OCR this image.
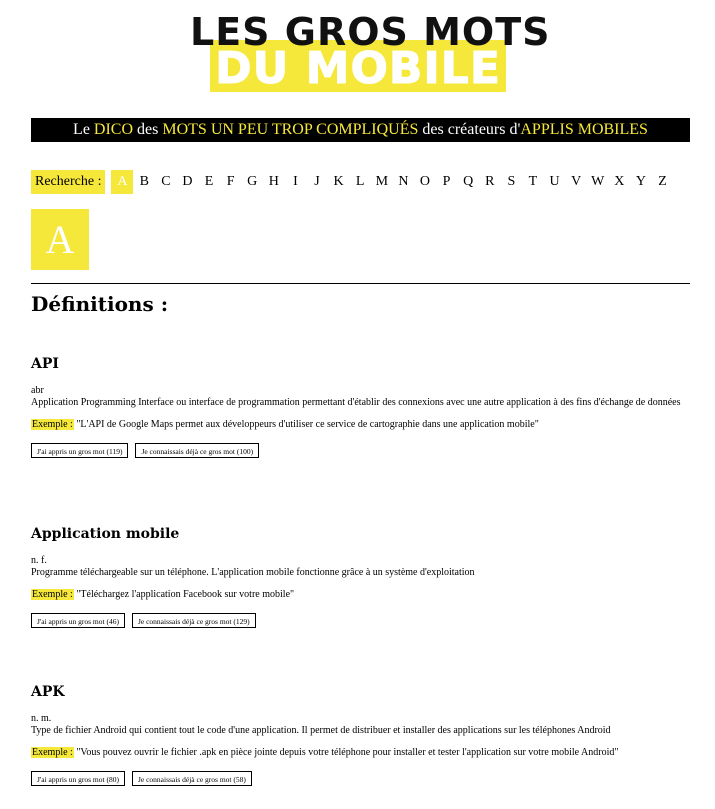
LES GROS MOTS
DU MOBILE
Le DICO des MOTS UN PEU TROP COMPLIQUÉS des créateurs d'APPLIS MOBILES
Recherche :	A B C D E F G H	I	J K L M N O P Q R S T U V W X Y Z
A
Définitions :
API
abr
Application Programming Interface ou interface de programmation permettant d'établir des connexions avec une autre application à des fins d'échange de données
Exemple : "L'API de Google Maps permet aux développeurs d'utiliser ce service de cartographie dans une application mobile"
J'ai appris un gros mot (119)	Je connaissais déjà ce gros mot (100)
Application mobile
n. f.
Programme téléchargeable sur un téléphone. L'application mobile fonctionne grâce à un système d'exploitation
Exemple : "Téléchargez l'application Facebook sur votre mobile"
J'ai appris un gros mot (46)	Je connaissais déjà ce gros mot (129)
APK
n. m.
Type de fichier Android qui contient tout le code d'une application. Il permet de distribuer et installer des applications sur les téléphones Android
Exemple : "Vous pouvez ouvrir le fichier .apk en pièce jointe depuis votre téléphone pour installer et tester l'application sur votre mobile Android"
J'ai appris un gros mot (80)	Je connaissais déjà ce gros mot (58)
